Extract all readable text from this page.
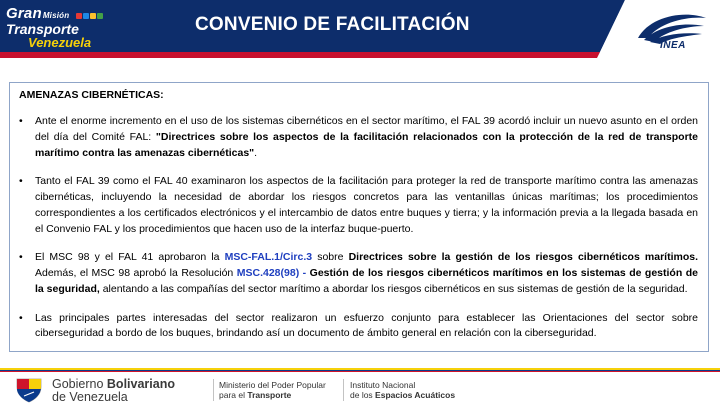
GranMisión
Transporte
Venezuela
CONVENIO DE FACILITACIÓN
INEA
AMENAZAS CIBERNÉTICAS:
• Ante el enorme incremento en el uso de los sistemas cibernéticos en el sector marítimo, el FAL 39 acordó incluir un nuevo asunto en el orden del día del Comité FAL: "Directrices sobre los aspectos de la facilitación relacionados con la protección de la red de transporte marítimo contra las amenazas cibernéticas".
• Tanto el FAL 39 como el FAL 40 examinaron los aspectos de la facilitación para proteger la red de transporte marítimo contra las amenazas cibernéticas, incluyendo la necesidad de abordar los riesgos concretos para las ventanillas únicas marítimas; los procedimientos correspondientes a los certificados electrónicos y el intercambio de datos entre buques y tierra; y la información previa a la llegada basada en el Convenio FAL y los procedimientos que hacen uso de la interfaz buque-puerto.
• El MSC 98 y el FAL 41 aprobaron la MSC-FAL.1/Circ.3 sobre Directrices sobre la gestión de los riesgos cibernéticos marítimos. Además, el MSC 98 aprobó la Resolución MSC.428(98) - Gestión de los riesgos cibernéticos marítimos en los sistemas de gestión de la seguridad, alentando a las compañías del sector marítimo a abordar los riesgos cibernéticos en sus sistemas de gestión de la seguridad.
• Las principales partes interesadas del sector realizaron un esfuerzo conjunto para establecer las Orientaciones del sector sobre ciberseguridad a bordo de los buques, brindando así un documento de ámbito general en relación con la ciberseguridad.
Gobierno Bolivariano
de Venezuela
Ministerio del Poder Popular
para el Transporte
Instituto Nacional
de los Espacios Acuáticos
